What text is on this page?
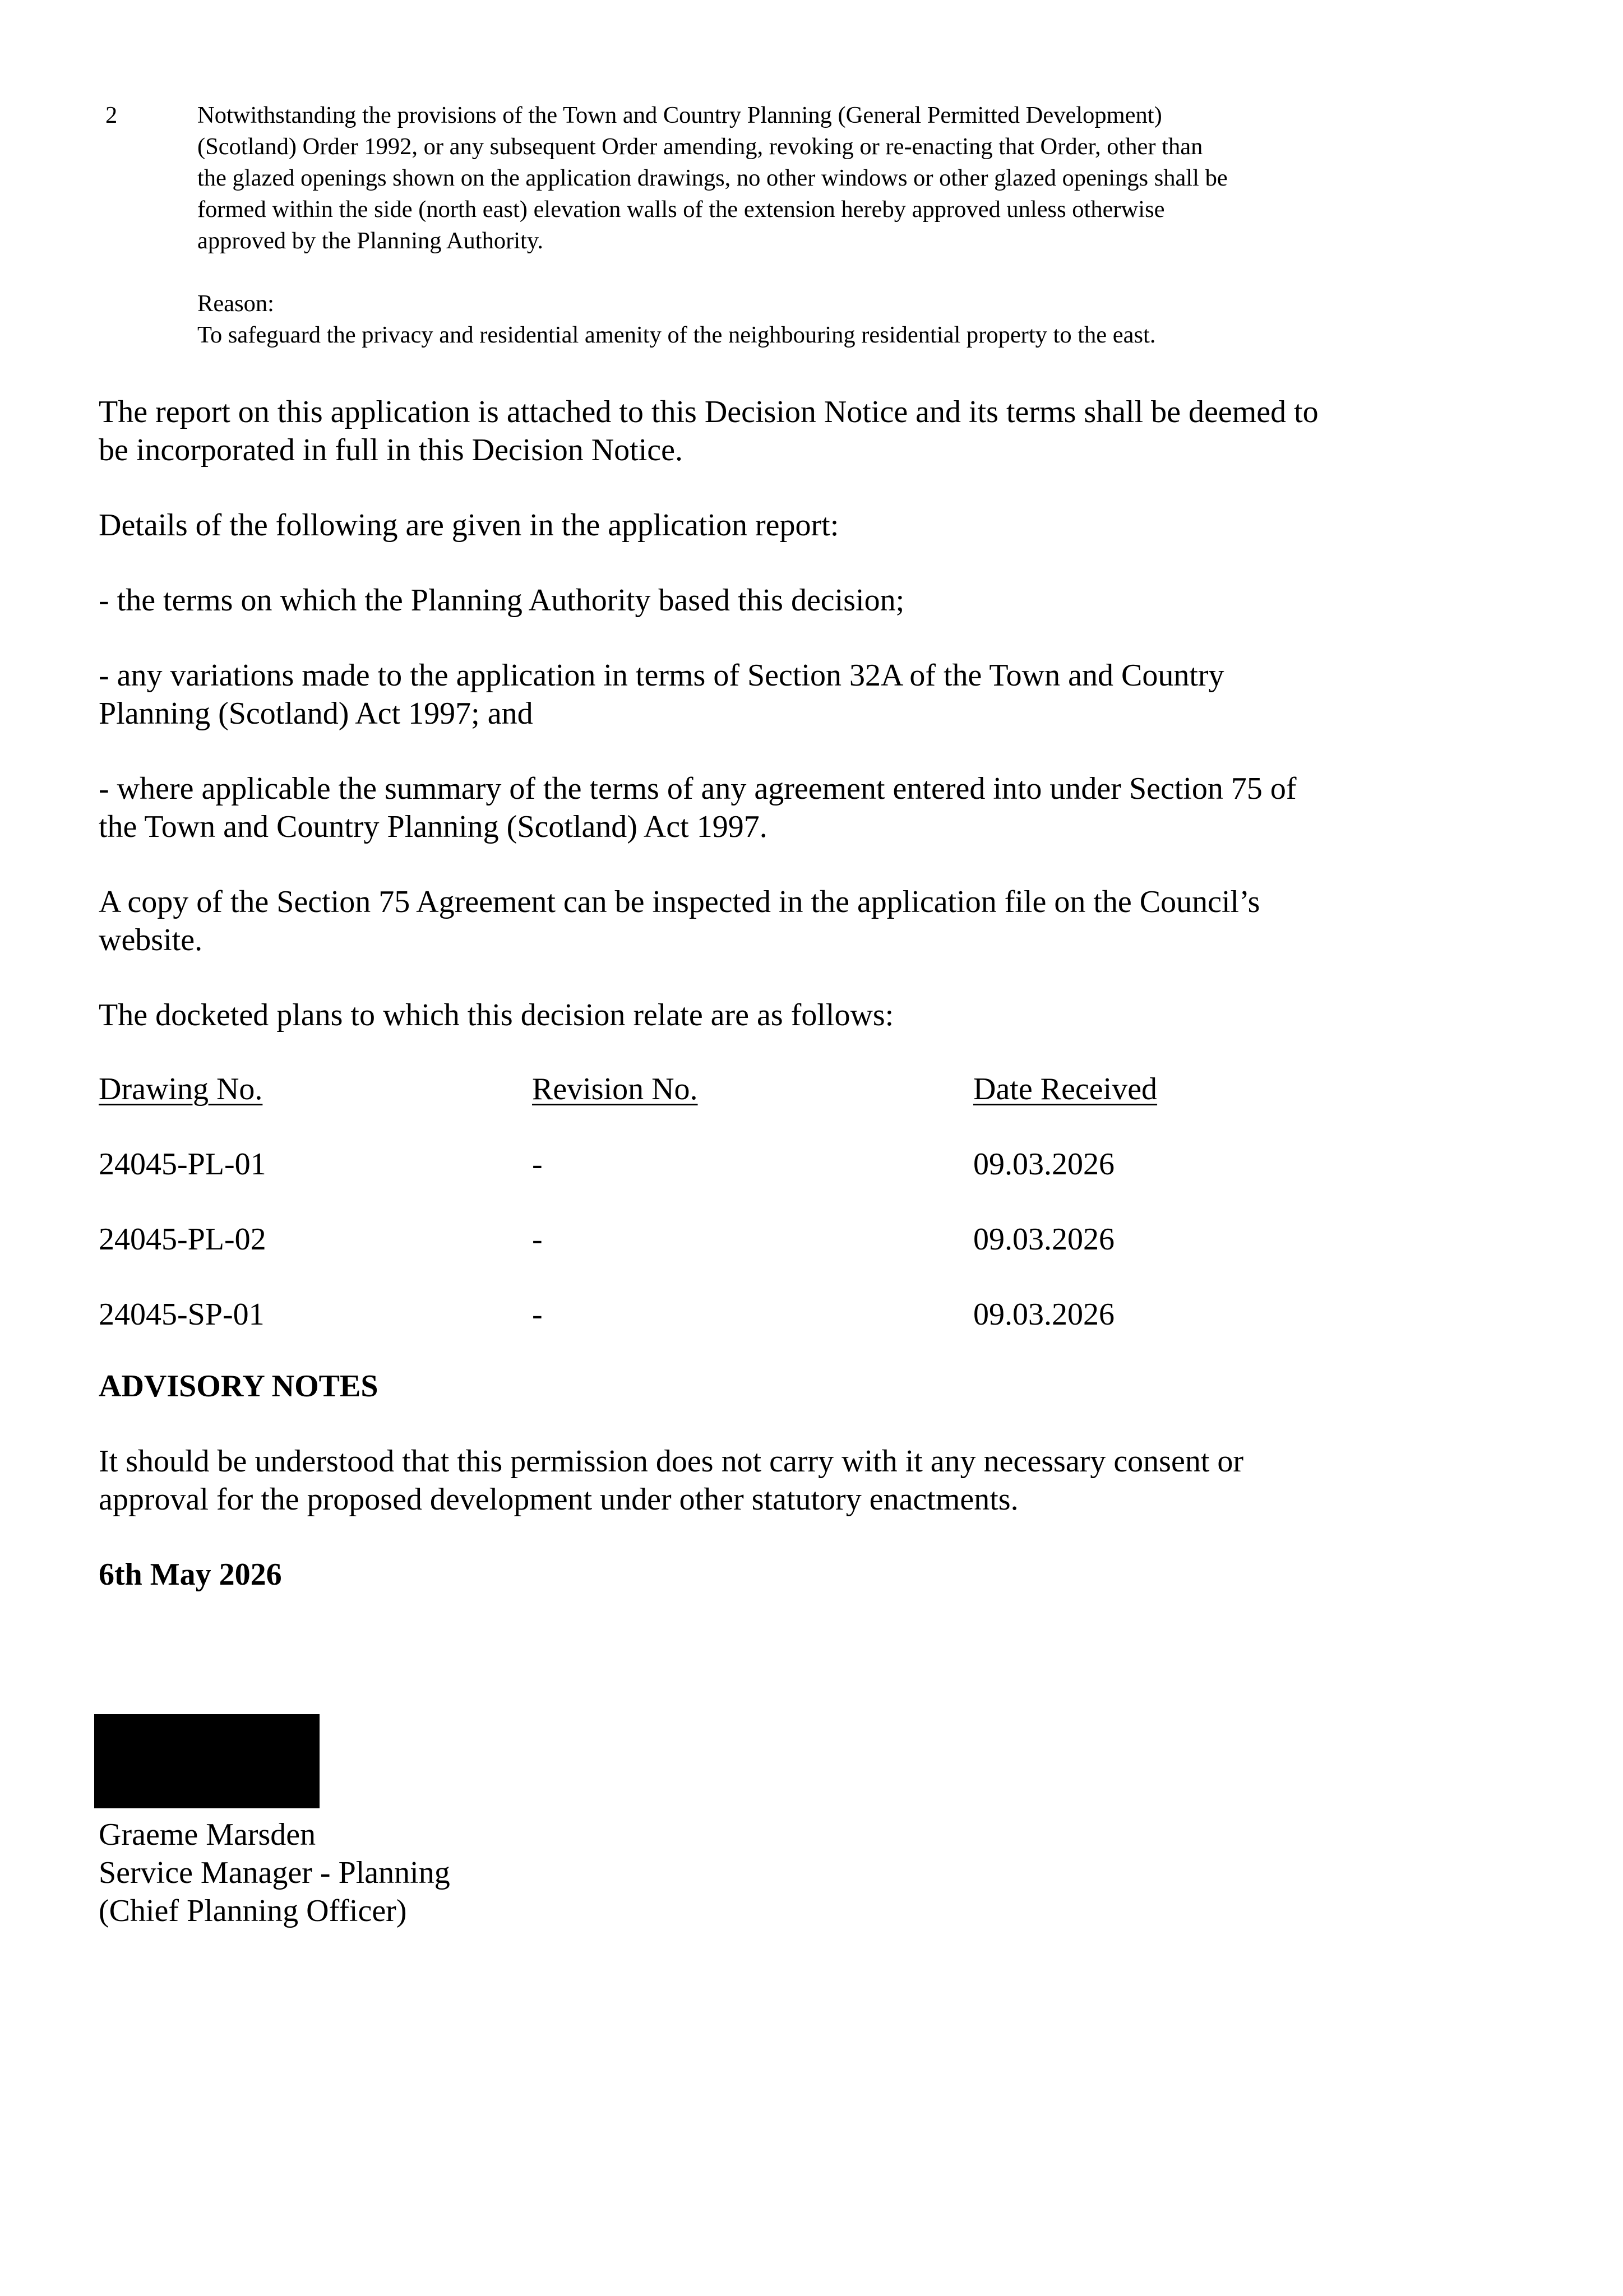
2	Notwithstanding the provisions of the Town and Country Planning (General Permitted Development)

(Scotland) Order 1992, or any subsequent Order amending, revoking or re-enacting that Order, other than

the glazed openings shown on the application drawings, no other windows or other glazed openings shall be

formed within the side (north east) elevation walls of the extension hereby approved unless otherwise

approved by the Planning Authority.

Reason:

To safeguard the privacy and residential amenity of the neighbouring residential property to the east.

The report on this application is attached to this Decision Notice and its terms shall be deemed to
be incorporated in full in this Decision Notice.

Details of the following are given in the application report:

- the terms on which the Planning Authority based this decision;

- any variations made to the application in terms of Section 32A of the Town and Country
Planning (Scotland) Act 1997; and

- where applicable the summary of the terms of any agreement entered into under Section 75 of
the Town and Country Planning (Scotland) Act 1997.

A copy of the Section 75 Agreement can be inspected in the application file on the Council’s
website.

The docketed plans to which this decision relate are as follows:

Drawing No.	Revision No.	Date Received
24045-PL-01	-	09.03.2026
24045-PL-02	-	09.03.2026
24045-SP-01	-	09.03.2026

ADVISORY NOTES

It should be understood that this permission does not carry with it any necessary consent or
approval for the proposed development under other statutory enactments.

6th May 2026

Graeme Marsden
Service Manager - Planning
(Chief Planning Officer)
